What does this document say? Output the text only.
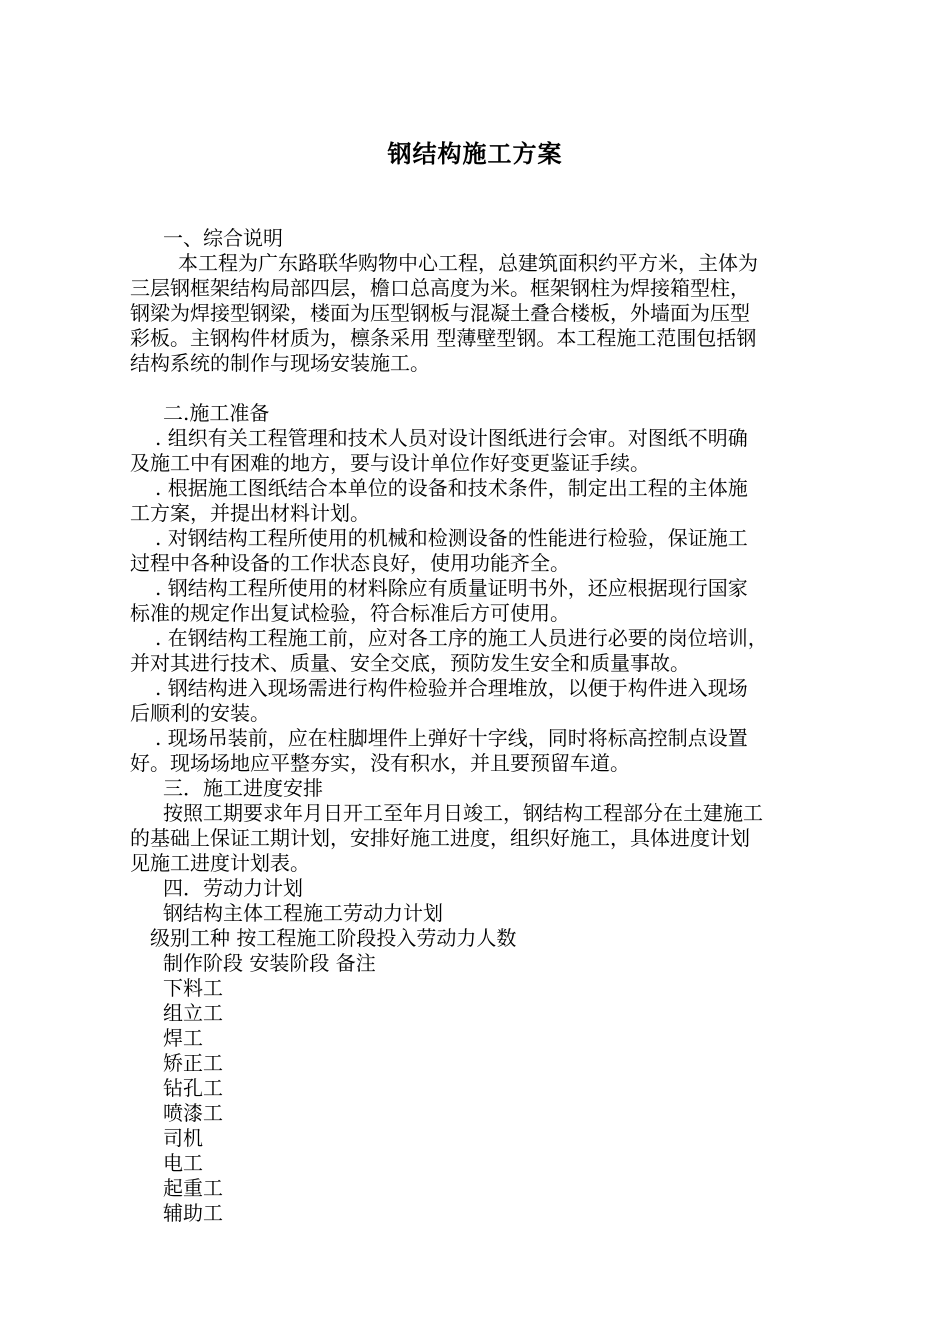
钢结构施工方案
一、综合说明
本工程为广东路联华购物中心工程，总建筑面积约平方米，主体为
三层钢框架结构局部四层，檐口总高度为米。框架钢柱为焊接箱型柱，
钢梁为焊接型钢梁，楼面为压型钢板与混凝土叠合楼板，外墙面为压型
彩板。主钢构件材质为，檩条采用 型薄壁型钢。本工程施工范围包括钢
结构系统的制作与现场安装施工。
二.施工准备
. 组织有关工程管理和技术人员对设计图纸进行会审。对图纸不明确
及施工中有困难的地方，要与设计单位作好变更鉴证手续。
. 根据施工图纸结合本单位的设备和技术条件，制定出工程的主体施
工方案，并提出材料计划。
. 对钢结构工程所使用的机械和检测设备的性能进行检验，保证施工
过程中各种设备的工作状态良好，使用功能齐全。
. 钢结构工程所使用的材料除应有质量证明书外，还应根据现行国家
标准的规定作出复试检验，符合标准后方可使用。
. 在钢结构工程施工前，应对各工序的施工人员进行必要的岗位培训，
并对其进行技术、质量、安全交底，预防发生安全和质量事故。
. 钢结构进入现场需进行构件检验并合理堆放，以便于构件进入现场
后顺利的安装。
. 现场吊装前，应在柱脚埋件上弹好十字线，同时将标高控制点设置
好。现场场地应平整夯实，没有积水，并且要预留车道。
三．施工进度安排
按照工期要求年月日开工至年月日竣工，钢结构工程部分在土建施工
的基础上保证工期计划，安排好施工进度，组织好施工，具体进度计划
见施工进度计划表。
四．劳动力计划
钢结构主体工程施工劳动力计划
级别工种 按工程施工阶段投入劳动力人数
制作阶段 安装阶段 备注
下料工
组立工
焊工
矫正工
钻孔工
喷漆工
司机
电工
起重工
辅助工
